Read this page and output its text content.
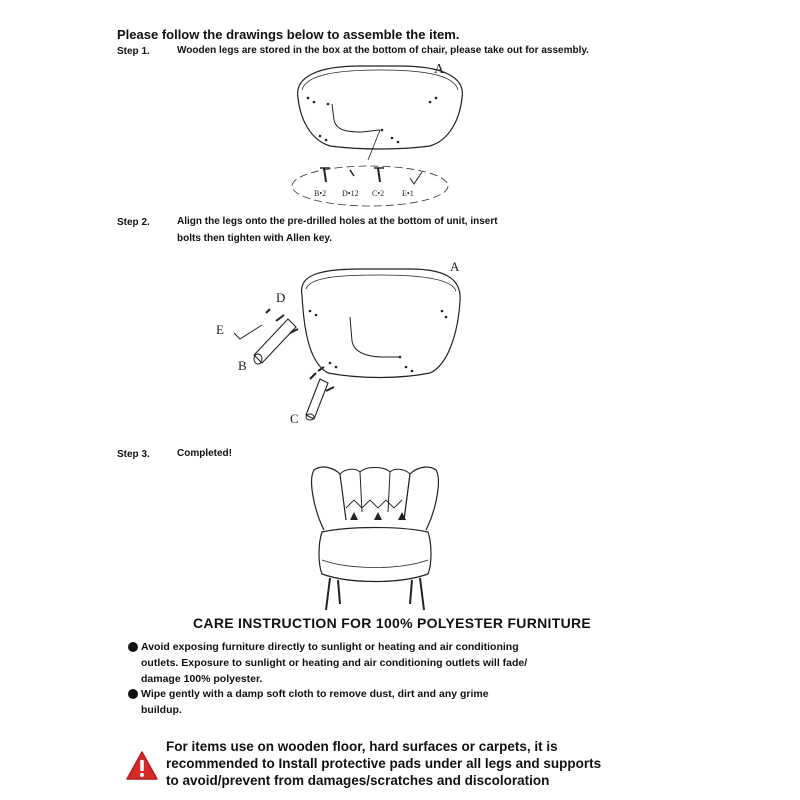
Please follow the drawings below to assemble the item.
Step 1.	Wooden legs are stored in the box at the bottom of chair, please take out for assembly.
A
B•2 D•12 C•2 E•1
Step 2.	Align the legs onto the pre-drilled holes at the bottom of unit, insert
bolts then tighten with Allen key.
A
B
C
D
E
Step 3.	Completed!
CARE INSTRUCTION FOR 100% POLYESTER FURNITURE
Avoid exposing furniture directly to sunlight or heating and air conditioning
outlets. Exposure to sunlight or heating and air conditioning outlets will fade/
damage 100% polyester.
Wipe gently with a damp soft cloth to remove dust, dirt and any grime
buildup.
For items use on wooden floor, hard surfaces or carpets, it is
recommended to Install protective pads under all legs and supports
to avoid/prevent from damages/scratches and discoloration
